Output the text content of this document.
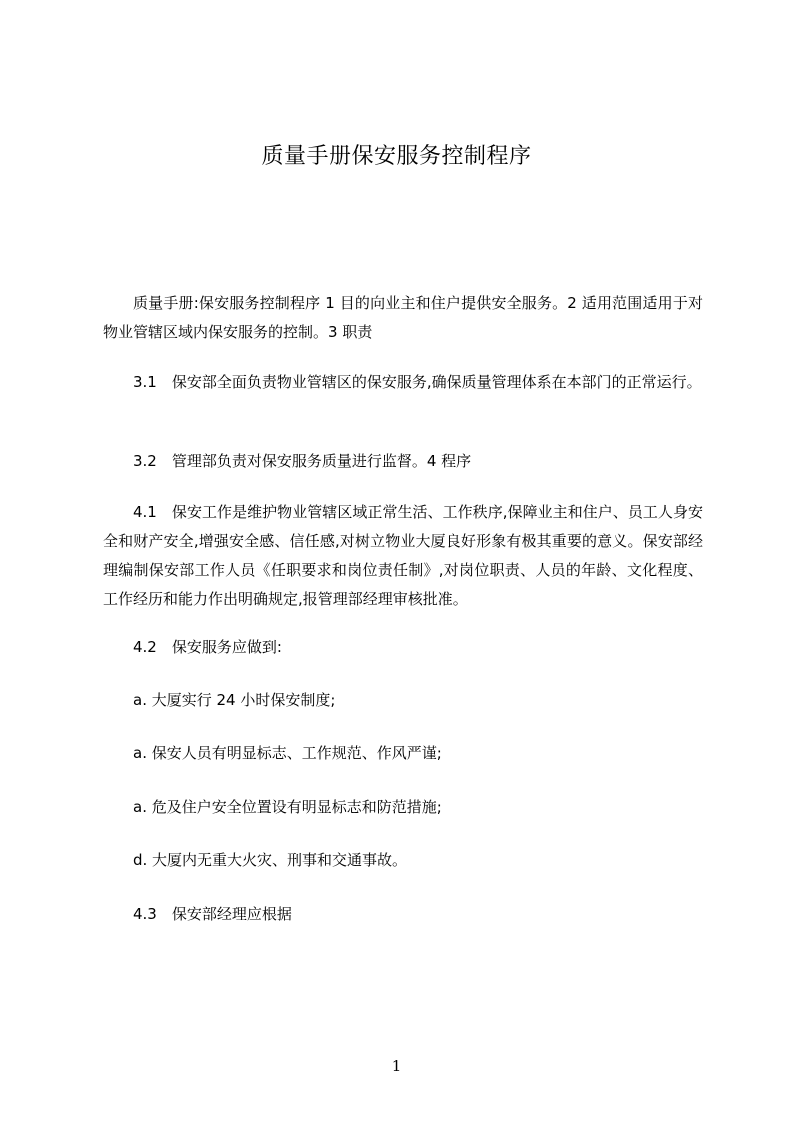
质量手册保安服务控制程序
质量手册:保安服务控制程序 1 目的向业主和住户提供安全服务。2 适用范围适用于对物业管辖区域内保安服务的控制。3 职责
3.1　保安部全面负责物业管辖区的保安服务,确保质量管理体系在本部门的正常运行。
3.2　管理部负责对保安服务质量进行监督。4 程序
4.1　保安工作是维护物业管辖区域正常生活、工作秩序,保障业主和住户、员工人身安全和财产安全,增强安全感、信任感,对树立物业大厦良好形象有极其重要的意义。保安部经理编制保安部工作人员《任职要求和岗位责任制》,对岗位职责、人员的年龄、文化程度、工作经历和能力作出明确规定,报管理部经理审核批准。
4.2　保安服务应做到:
a. 大厦实行 24 小时保安制度;
a. 保安人员有明显标志、工作规范、作风严谨;
a. 危及住户安全位置设有明显标志和防范措施;
d. 大厦内无重大火灾、刑事和交通事故。
4.3　保安部经理应根据
1
